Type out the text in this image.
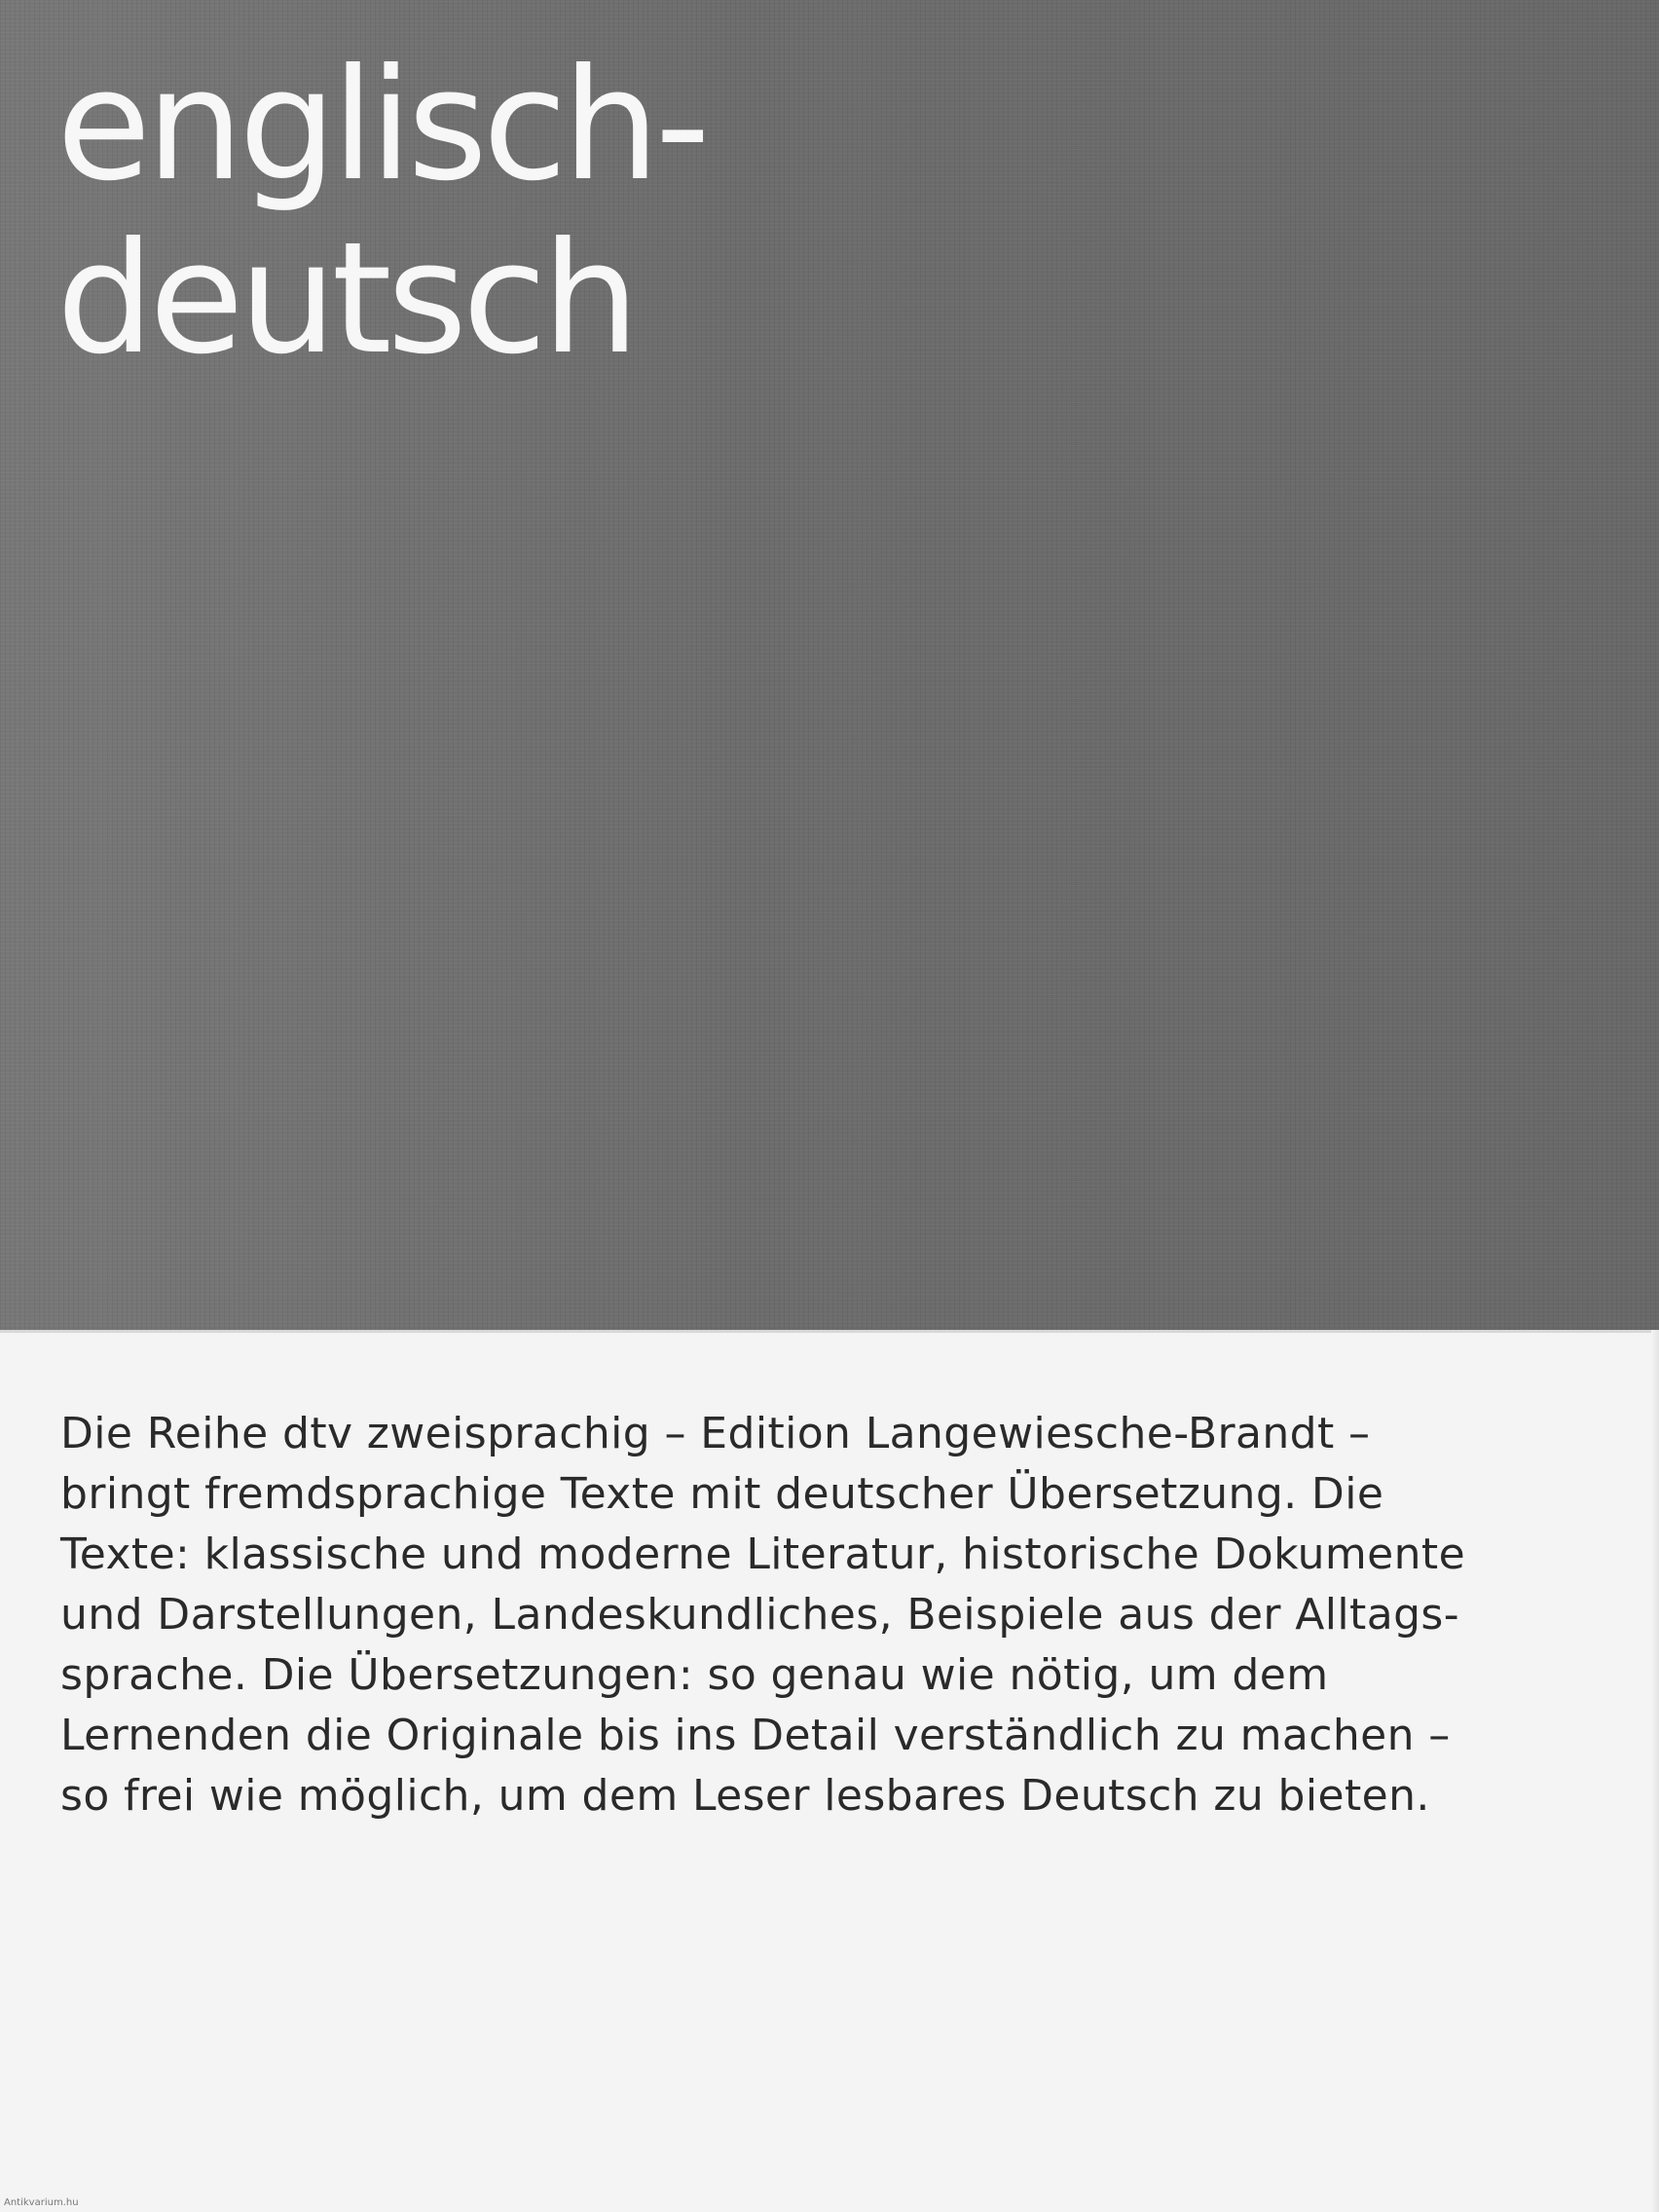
englisch-
deutsch

Die Reihe dtv zweisprachig – Edition Langewiesche-Brandt –
bringt fremdsprachige Texte mit deutscher Übersetzung. Die
Texte: klassische und moderne Literatur, historische Dokumente
und Darstellungen, Landeskundliches, Beispiele aus der Alltags-
sprache. Die Übersetzungen: so genau wie nötig, um dem
Lernenden die Originale bis ins Detail verständlich zu machen –
so frei wie möglich, um dem Leser lesbares Deutsch zu bieten.

Antikvarium.hu
